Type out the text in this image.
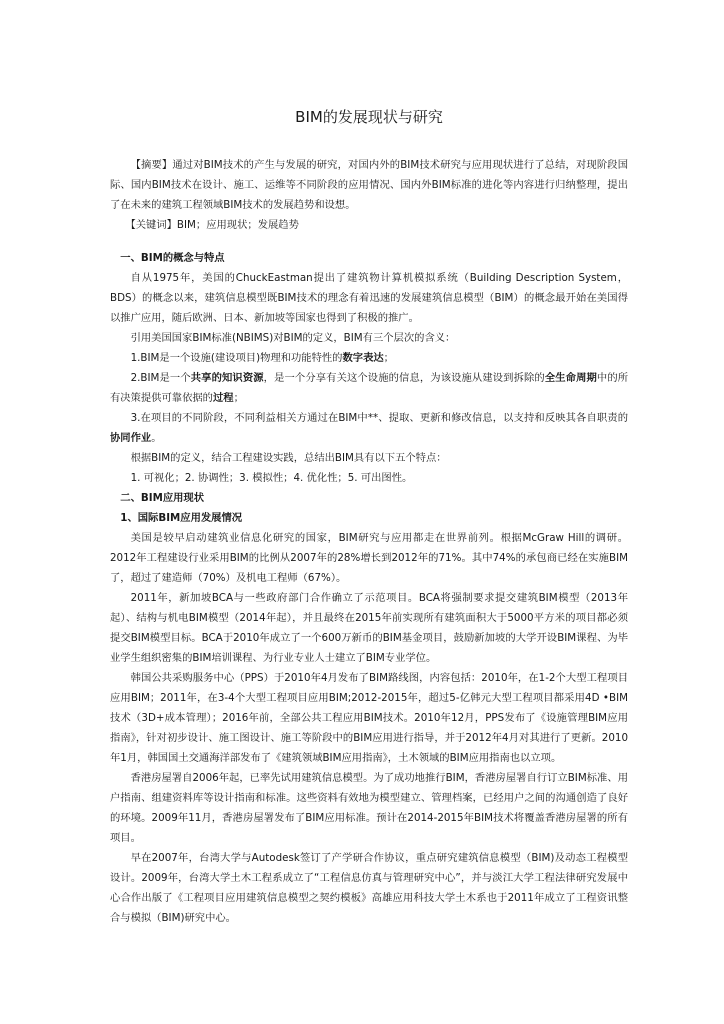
BIM的发展现状与研究

【摘要】通过对BIM技术的产生与发展的研究，对国内外的BIM技术研究与应用现状进行了总结，对现阶段国际、国内BIM技术在设计、施工、运维等不同阶段的应用情况、国内外BIM标准的进化等内容进行归纳整理，提出了在未来的建筑工程领域BIM技术的发展趋势和设想。

【关键词】BIM；应用现状；发展趋势

一、BIM的概念与特点

自从1975年，美国的ChuckEastman提出了建筑物计算机模拟系统（Building Description System，BDS）的概念以来，建筑信息模型既BIM技术的理念有着迅速的发展建筑信息模型（BIM）的概念最开始在美国得以推广应用，随后欧洲、日本、新加坡等国家也得到了积极的推广。

引用美国国家BIM标准(NBIMS)对BIM的定义，BIM有三个层次的含义：

1.BIM是一个设施(建设项目)物理和功能特性的数字表达；

2.BIM是一个共享的知识资源，是一个分享有关这个设施的信息，为该设施从建设到拆除的全生命周期中的所有决策提供可靠依据的过程；

3.在项目的不同阶段，不同利益相关方通过在BIM中**、提取、更新和修改信息，以支持和反映其各自职责的协同作业。

根据BIM的定义，结合工程建设实践，总结出BIM具有以下五个特点：

1. 可视化；2. 协调性；3. 模拟性；4. 优化性；5. 可出图性。

二、BIM应用现状

1、国际BIM应用发展情况

美国是较早启动建筑业信息化研究的国家，BIM研究与应用都走在世界前列。根据McGraw Hill的调研。2012年工程建设行业采用BIM的比例从2007年的28%增长到2012年的71%。其中74%的承包商已经在实施BIM了，超过了建造师（70%）及机电工程师（67%）。

2011年，新加坡BCA与一些政府部门合作确立了示范项目。BCA将强制要求提交建筑BIM模型（2013年起）、结构与机电BIM模型（2014年起），并且最终在2015年前实现所有建筑面积大于5000平方米的项目都必须提交BIM模型目标。BCA于2010年成立了一个600万新币的BIM基金项目，鼓励新加坡的大学开设BIM课程、为毕业学生组织密集的BIM培训课程、为行业专业人士建立了BIM专业学位。

韩国公共采购服务中心（PPS）于2010年4月发布了BIM路线图，内容包括：2010年，在1-2个大型工程项目应用BIM；2011年，在3-4个大型工程项目应用BIM;2012-2015年，超过5-亿韩元大型工程项目都采用4D •BIM技术（3D+成本管理）；2016年前，全部公共工程应用BIM技术。2010年12月，PPS发布了《设施管理BIM应用指南》，针对初步设计、施工图设计、施工等阶段中的BIM应用进行指导，并于2012年4月对其进行了更新。2010年1月，韩国国土交通海洋部发布了《建筑领域BIM应用指南》，土木领域的BIM应用指南也以立项。

香港房屋署自2006年起，已率先试用建筑信息模型。为了成功地推行BIM，香港房屋署自行订立BIM标准、用户指南、组建资料库等设计指南和标准。这些资料有效地为模型建立、管理档案，已经用户之间的沟通创造了良好的环境。2009年11月，香港房屋署发布了BIM应用标准。预计在2014-2015年BIM技术将覆盖香港房屋署的所有项目。

早在2007年，台湾大学与Autodesk签订了产学研合作协议，重点研究建筑信息模型（BIM)及动态工程模型设计。2009年，台湾大学土木工程系成立了“工程信息仿真与管理研究中心”，并与淡江大学工程法律研究发展中心合作出版了《工程项目应用建筑信息模型之契约模板》高雄应用科技大学土木系也于2011年成立了工程资讯整合与模拟（BIM)研究中心。
